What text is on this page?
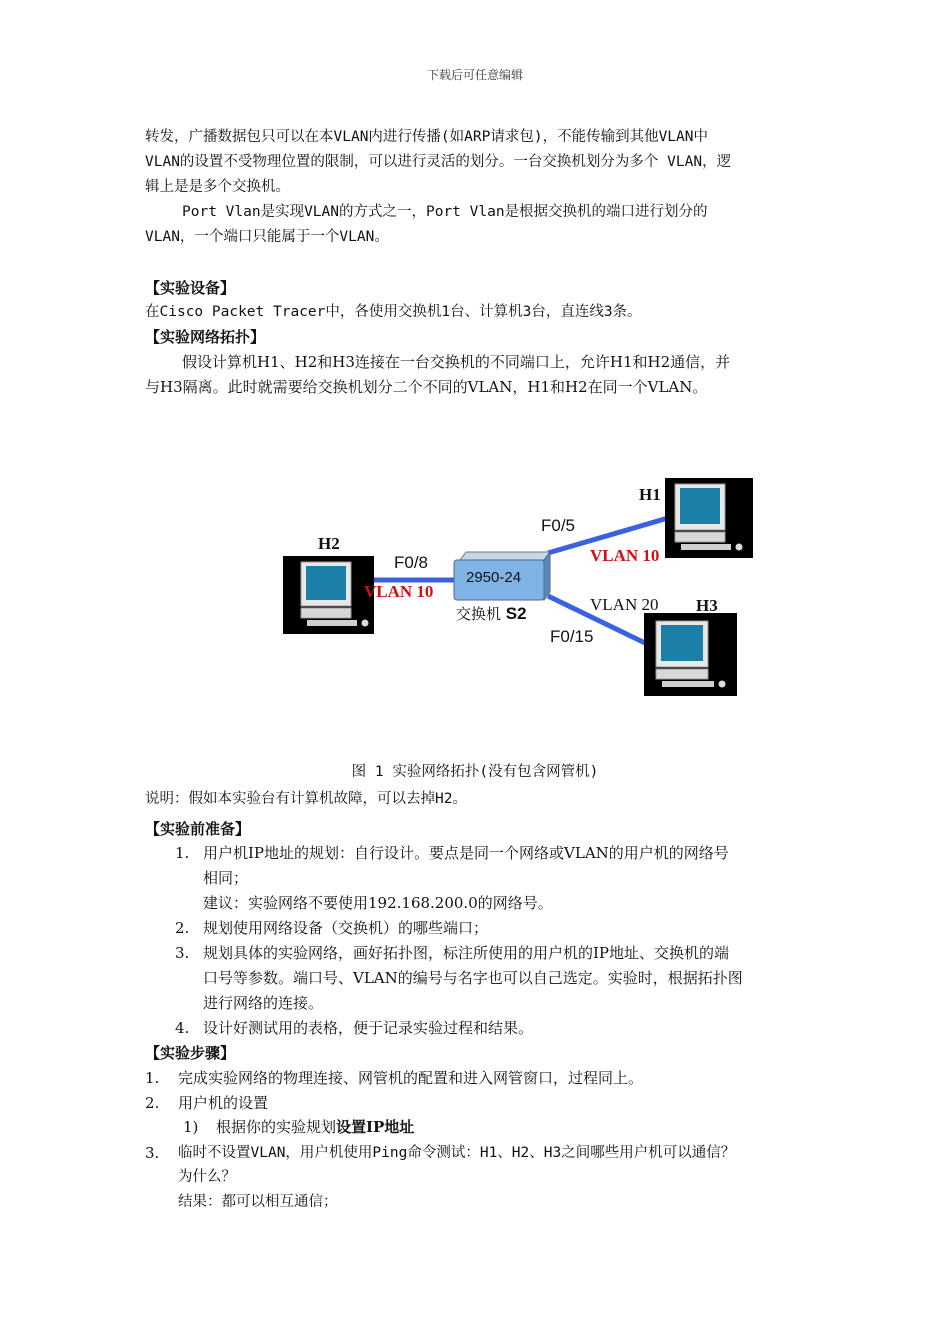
下载后可任意编辑
转发，广播数据包只可以在本VLAN内进行传播(如ARP请求包)，不能传输到其他VLAN中
VLAN的设置不受物理位置的限制，可以进行灵活的划分。一台交换机划分为多个 VLAN，逻
辑上是是多个交换机。
Port Vlan是实现VLAN的方式之一，Port Vlan是根据交换机的端口进行划分的
VLAN，一个端口只能属于一个VLAN。
【实验设备】
在Cisco Packet Tracer中，各使用交换机1台、计算机3台，直连线3条。
【实验网络拓扑】
假设计算机H1、H2和H3连接在一台交换机的不同端口上，允许H1和H2通信，并
与H3隔离。此时就需要给交换机划分二个不同的VLAN，H1和H2在同一个VLAN。
H2
H1
H3
2950-24
交换机 S2
F0/8
VLAN 10
F0/5
VLAN 10
VLAN 20
F0/15
图 1 实验网络拓扑(没有包含网管机)
说明：假如本实验台有计算机故障，可以去掉H2。
【实验前准备】
1. 用户机IP地址的规划：自行设计。要点是同一个网络或VLAN的用户机的网络号
相同；
建议：实验网络不要使用192.168.200.0的网络号。
2. 规划使用网络设备（交换机）的哪些端口；
3. 规划具体的实验网络，画好拓扑图，标注所使用的用户机的IP地址、交换机的端
口号等参数。端口号、VLAN的编号与名字也可以自己选定。实验时，根据拓扑图
进行网络的连接。
4. 设计好测试用的表格，便于记录实验过程和结果。
【实验步骤】
1. 完成实验网络的物理连接、网管机的配置和进入网管窗口，过程同上。
2. 用户机的设置
1) 根据你的实验规划设置IP地址
3. 临时不设置VLAN，用户机使用Ping命令测试：H1、H2、H3之间哪些用户机可以通信？
为什么？
结果：都可以相互通信；
